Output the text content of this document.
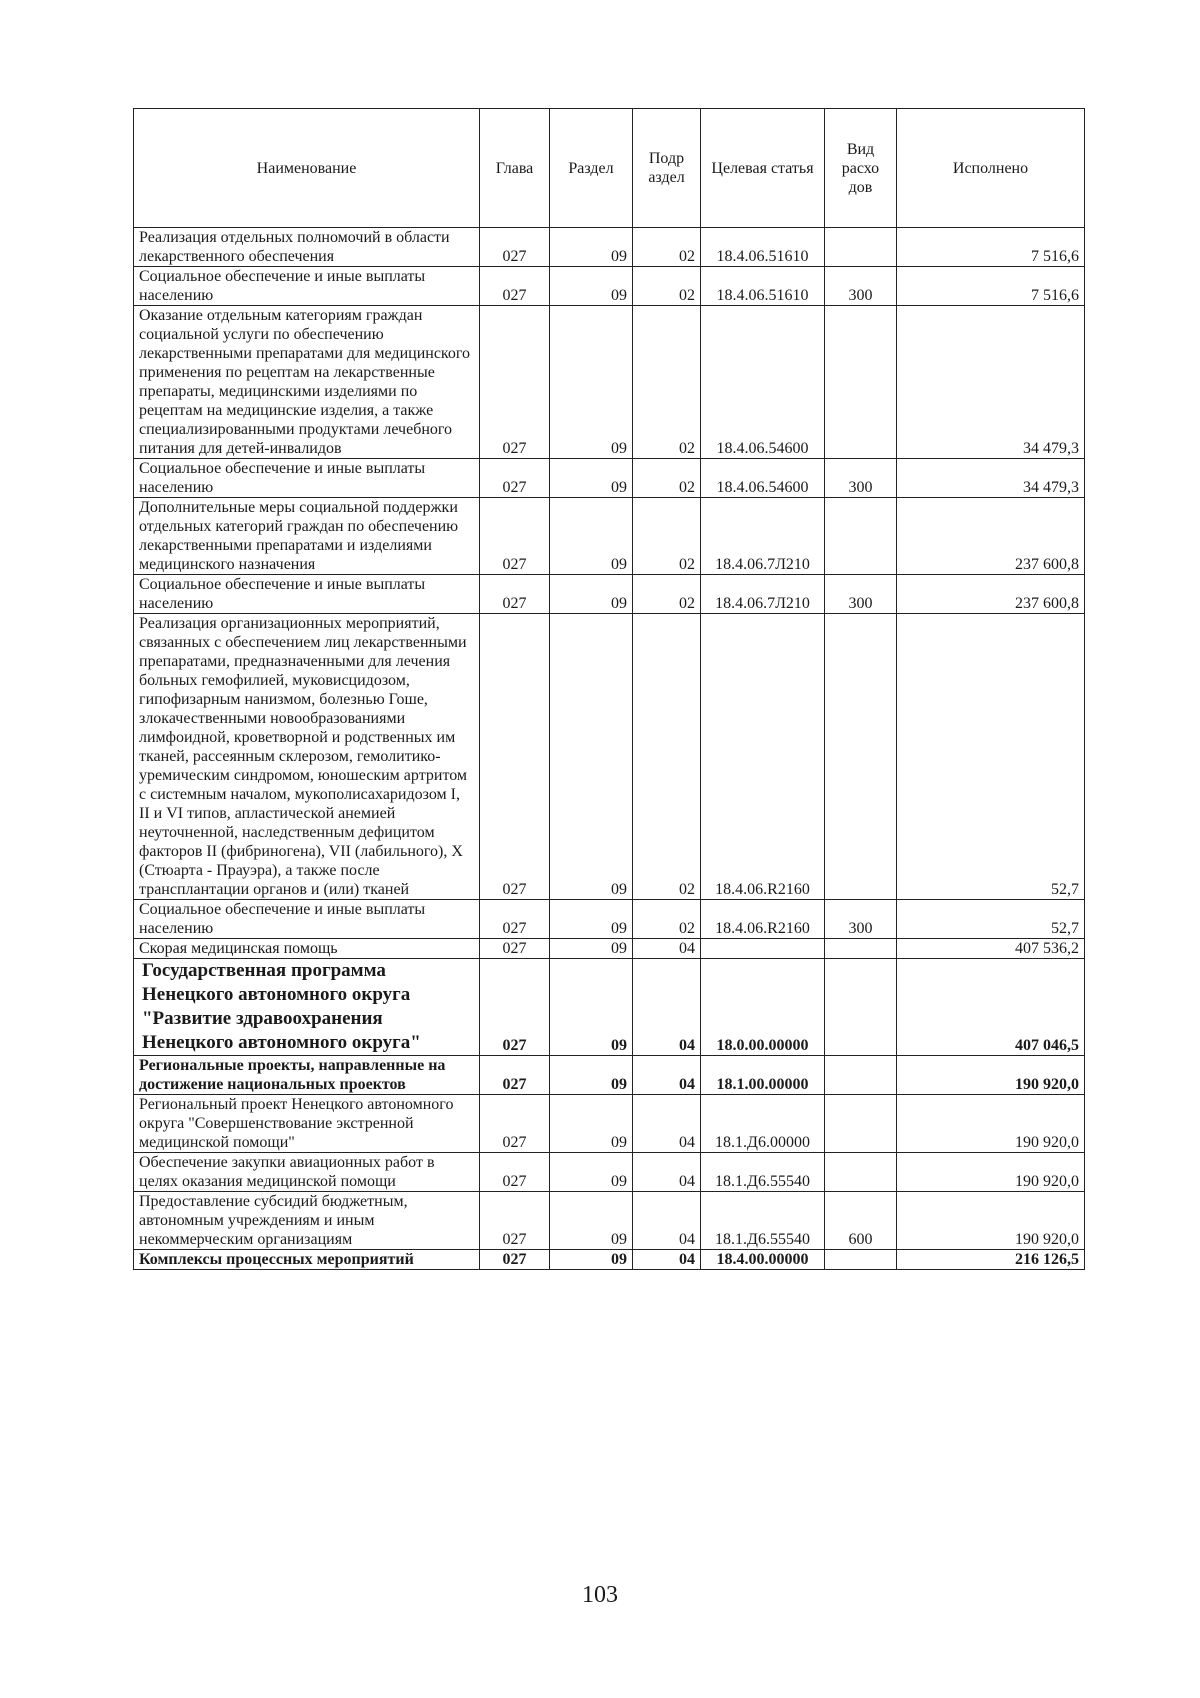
Наименование	Глава	Раздел	Подр аздел	Целевая статья	Вид расхо дов	Исполнено
Реализация отдельных полномочий в области лекарственного обеспечения	027	09	02	18.4.06.51610		7 516,6
Социальное обеспечение и иные выплаты населению	027	09	02	18.4.06.51610	300	7 516,6
Оказание отдельным категориям граждан социальной услуги по обеспечению лекарственными препаратами для медицинского применения по рецептам на лекарственные препараты, медицинскими изделиями по рецептам на медицинские изделия, а также специализированными продуктами лечебного питания для детей-инвалидов	027	09	02	18.4.06.54600		34 479,3
Социальное обеспечение и иные выплаты населению	027	09	02	18.4.06.54600	300	34 479,3
Дополнительные меры социальной поддержки отдельных категорий граждан по обеспечению лекарственными препаратами и изделиями медицинского назначения	027	09	02	18.4.06.7Л210		237 600,8
Социальное обеспечение и иные выплаты населению	027	09	02	18.4.06.7Л210	300	237 600,8
Реализация организационных мероприятий, связанных с обеспечением лиц лекарственными препаратами, предназначенными для лечения больных гемофилией, муковисцидозом, гипофизарным нанизмом, болезнью Гоше, злокачественными новообразованиями лимфоидной, кроветворной и родственных им тканей, рассеянным склерозом, гемолитико-уремическим синдромом, юношеским артритом с системным началом, мукополисахаридозом I, II и VI типов, апластической анемией неуточненной, наследственным дефицитом факторов II (фибриногена), VII (лабильного), X (Стюарта - Прауэра), а также после трансплантации органов и (или) тканей	027	09	02	18.4.06.R2160		52,7
Социальное обеспечение и иные выплаты населению	027	09	02	18.4.06.R2160	300	52,7
Скорая медицинская помощь	027	09	04			407 536,2
Государственная программа Ненецкого автономного округа "Развитие здравоохранения Ненецкого автономного округа"	027	09	04	18.0.00.00000		407 046,5
Региональные проекты, направленные на достижение национальных проектов	027	09	04	18.1.00.00000		190 920,0
Региональный проект Ненецкого автономного округа "Совершенствование экстренной медицинской помощи"	027	09	04	18.1.Д6.00000		190 920,0
Обеспечение закупки авиационных работ в целях оказания медицинской помощи	027	09	04	18.1.Д6.55540		190 920,0
Предоставление субсидий бюджетным, автономным учреждениям и иным некоммерческим организациям	027	09	04	18.1.Д6.55540	600	190 920,0
Комплексы процессных мероприятий	027	09	04	18.4.00.00000		216 126,5
103
